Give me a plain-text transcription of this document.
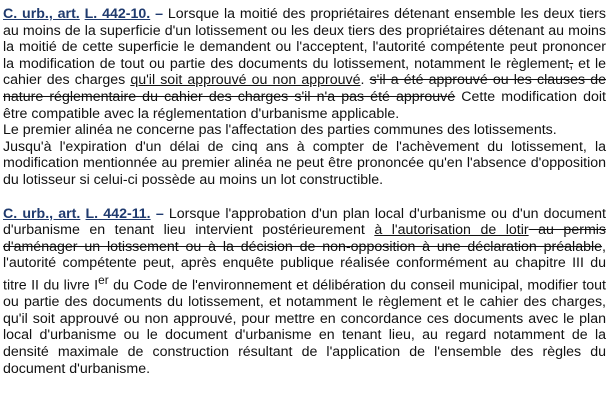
C. urb., art. L. 442-10. – Lorsque la moitié des propriétaires détenant ensemble les deux tiers au moins de la superficie d'un lotissement ou les deux tiers des propriétaires détenant au moins la moitié de cette superficie le demandent ou l'acceptent, l'autorité compétente peut prononcer la modification de tout ou partie des documents du lotissement, notamment le règlement, et le cahier des charges qu'il soit approuvé ou non approuvé. s'il a été approuvé ou les clauses de nature réglementaire du cahier des charges s'il n'a pas été approuvé Cette modification doit être compatible avec la réglementation d'urbanisme applicable.

Le premier alinéa ne concerne pas l'affectation des parties communes des lotissements.

Jusqu'à l'expiration d'un délai de cinq ans à compter de l'achèvement du lotissement, la modification mentionnée au premier alinéa ne peut être prononcée qu'en l'absence d'opposition du lotisseur si celui-ci possède au moins un lot constructible.

C. urb., art. L. 442-11. – Lorsque l'approbation d'un plan local d'urbanisme ou d'un document d'urbanisme en tenant lieu intervient postérieurement à l'autorisation de lotir au permis d'aménager un lotissement ou à la décision de non-opposition à une déclaration préalable, l'autorité compétente peut, après enquête publique réalisée conformément au chapitre III du titre II du livre Ier du Code de l'environnement et délibération du conseil municipal, modifier tout ou partie des documents du lotissement, et notamment le règlement et le cahier des charges, qu'il soit approuvé ou non approuvé, pour mettre en concordance ces documents avec le plan local d'urbanisme ou le document d'urbanisme en tenant lieu, au regard notamment de la densité maximale de construction résultant de l'application de l'ensemble des règles du document d'urbanisme.
